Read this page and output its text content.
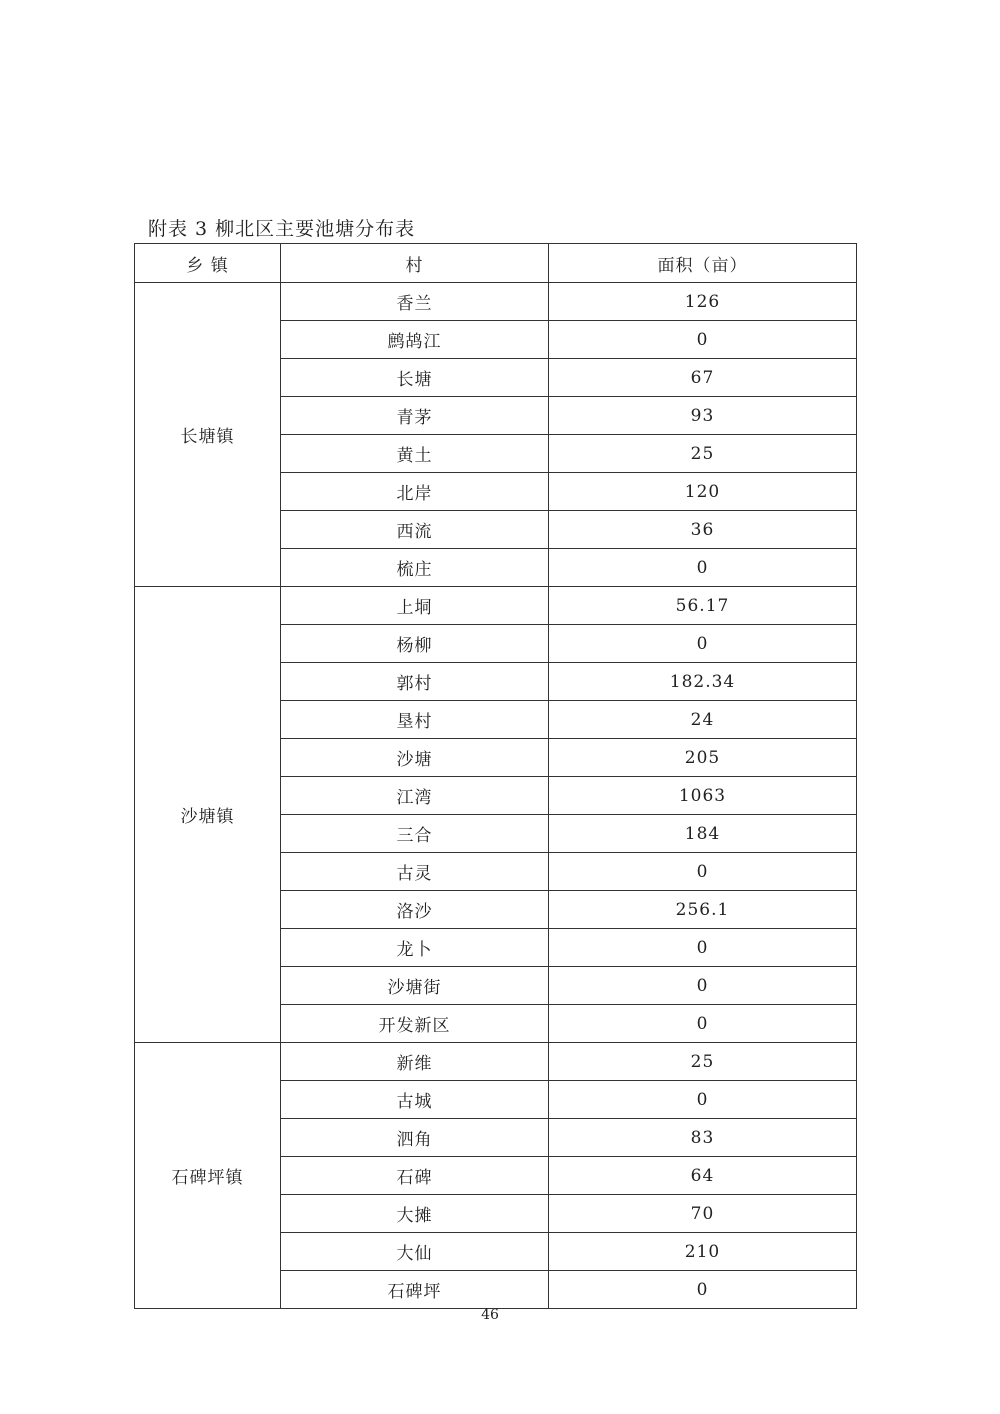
附表 3 柳北区主要池塘分布表
乡 镇	村	面积（亩）
长塘镇	香兰	126
	鹧鸪江	0
	长塘	67
	青茅	93
	黄土	25
	北岸	120
	西流	36
	梳庄	0
沙塘镇	上垌	56.17
	杨柳	0
	郭村	182.34
	垦村	24
	沙塘	205
	江湾	1063
	三合	184
	古灵	0
	洛沙	256.1
	龙卜	0
	沙塘街	0
	开发新区	0
石碑坪镇	新维	25
	古城	0
	泗角	83
	石碑	64
	大摊	70
	大仙	210
	石碑坪	0
46
